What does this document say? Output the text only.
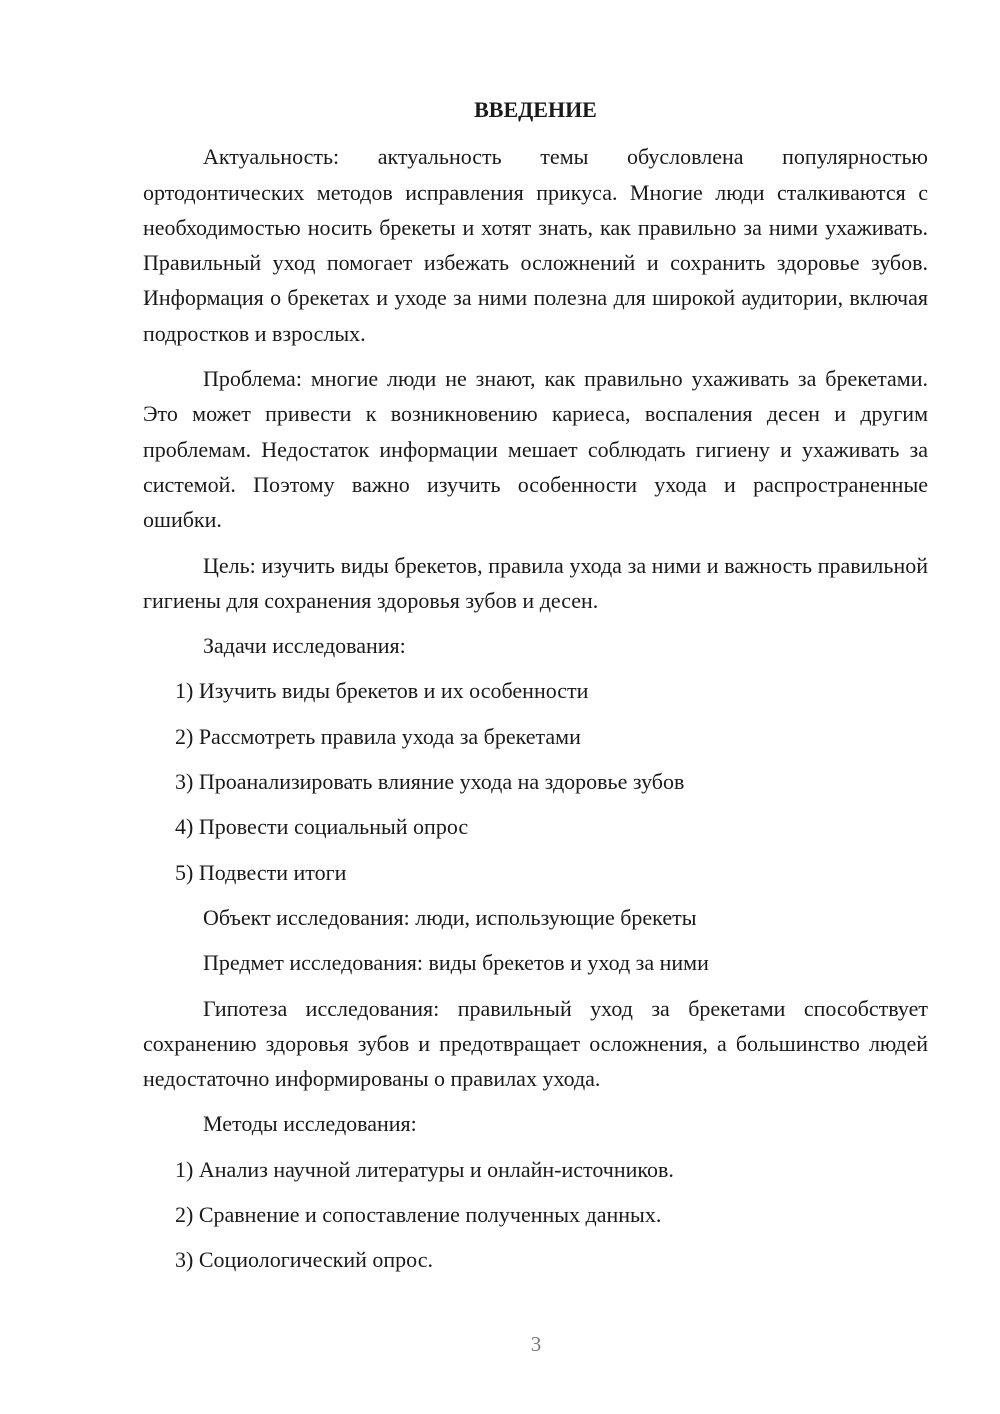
ВВЕДЕНИЕ

Актуальность: актуальность темы обусловлена популярностью ортодонтических методов исправления прикуса. Многие люди сталкиваются с необходимостью носить брекеты и хотят знать, как правильно за ними ухаживать. Правильный уход помогает избежать осложнений и сохранить здоровье зубов. Информация о брекетах и уходе за ними полезна для широкой аудитории, включая подростков и взрослых.

Проблема: многие люди не знают, как правильно ухаживать за брекетами. Это может привести к возникновению кариеса, воспаления десен и другим проблемам. Недостаток информации мешает соблюдать гигиену и ухаживать за системой. Поэтому важно изучить особенности ухода и распространенные ошибки.

Цель: изучить виды брекетов, правила ухода за ними и важность правильной гигиены для сохранения здоровья зубов и десен.

Задачи исследования:

1) Изучить виды брекетов и их особенности

2) Рассмотреть правила ухода за брекетами

3) Проанализировать влияние ухода на здоровье зубов

4) Провести социальный опрос

5) Подвести итоги

Объект исследования: люди, использующие брекеты

Предмет исследования: виды брекетов и уход за ними

Гипотеза исследования: правильный уход за брекетами способствует сохранению здоровья зубов и предотвращает осложнения, а большинство людей недостаточно информированы о правилах ухода.

Методы исследования:

1) Анализ научной литературы и онлайн-источников.

2) Сравнение и сопоставление полученных данных.

3) Социологический опрос.

3
